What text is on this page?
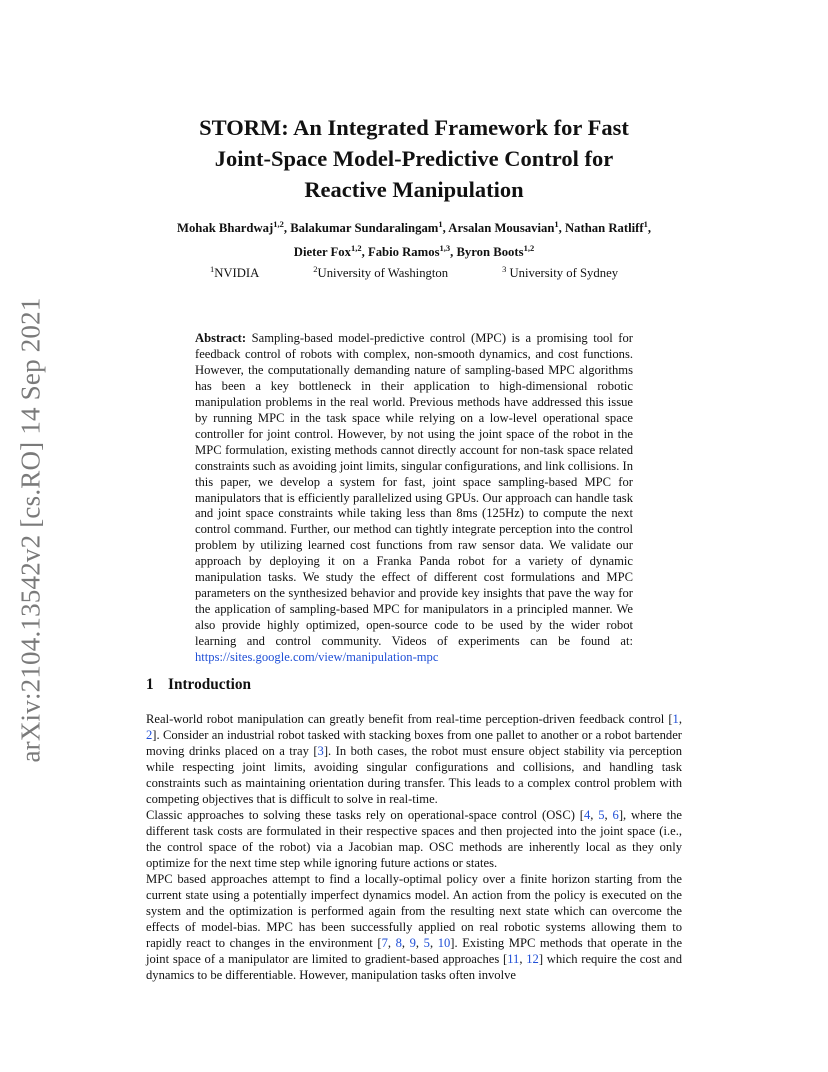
arXiv:2104.13542v2 [cs.RO] 14 Sep 2021
STORM: An Integrated Framework for Fast
Joint-Space Model-Predictive Control for
Reactive Manipulation
Mohak Bhardwaj$^{1,2}$, Balakumar Sundaralingam$^1$, Arsalan Mousavian$^1$, Nathan Ratliff$^1$,
Dieter Fox$^{1,2}$, Fabio Ramos$^{1,3}$, Byron Boots$^{1,2}$
$^1$NVIDIA	$^2$University of Washington	$^3$ University of Sydney

Abstract: Sampling-based model-predictive control (MPC) is a promising tool for feedback control of robots with complex, non-smooth dynamics, and cost functions. However, the computationally demanding nature of sampling-based MPC algorithms has been a key bottleneck in their application to high-dimensional robotic manipulation problems in the real world. Previous methods have addressed this issue by running MPC in the task space while relying on a low-level operational space controller for joint control. However, by not using the joint space of the robot in the MPC formulation, existing methods cannot directly account for non-task space related constraints such as avoiding joint limits, singular configurations, and link collisions. In this paper, we develop a system for fast, joint space sampling-based MPC for manipulators that is efficiently parallelized using GPUs. Our approach can handle task and joint space constraints while taking less than 8ms (125Hz) to compute the next control command. Further, our method can tightly integrate perception into the control problem by utilizing learned cost functions from raw sensor data. We validate our approach by deploying it on a Franka Panda robot for a variety of dynamic manipulation tasks. We study the effect of different cost formulations and MPC parameters on the synthesized behavior and provide key insights that pave the way for the application of sampling-based MPC for manipulators in a principled manner. We also provide highly optimized, open-source code to be used by the wider robot learning and control community. Videos of experiments can be found at: https://sites.google.com/view/manipulation-mpc

1 Introduction

Real-world robot manipulation can greatly benefit from real-time perception-driven feedback control [1, 2]. Consider an industrial robot tasked with stacking boxes from one pallet to another or a robot bartender moving drinks placed on a tray [3]. In both cases, the robot must ensure object stability via perception while respecting joint limits, avoiding singular configurations and collisions, and handling task constraints such as maintaining orientation during transfer. This leads to a complex control problem with competing objectives that is difficult to solve in real-time.

Classic approaches to solving these tasks rely on operational-space control (OSC) [4, 5, 6], where the different task costs are formulated in their respective spaces and then projected into the joint space (i.e., the control space of the robot) via a Jacobian map. OSC methods are inherently local as they only optimize for the next time step while ignoring future actions or states.

MPC based approaches attempt to find a locally-optimal policy over a finite horizon starting from the current state using a potentially imperfect dynamics model. An action from the policy is executed on the system and the optimization is performed again from the resulting next state which can overcome the effects of model-bias. MPC has been successfully applied on real robotic systems allowing them to rapidly react to changes in the environment [7, 8, 9, 5, 10]. Existing MPC methods that operate in the joint space of a manipulator are limited to gradient-based approaches [11, 12] which require the cost and dynamics to be differentiable. However, manipulation tasks often involve
